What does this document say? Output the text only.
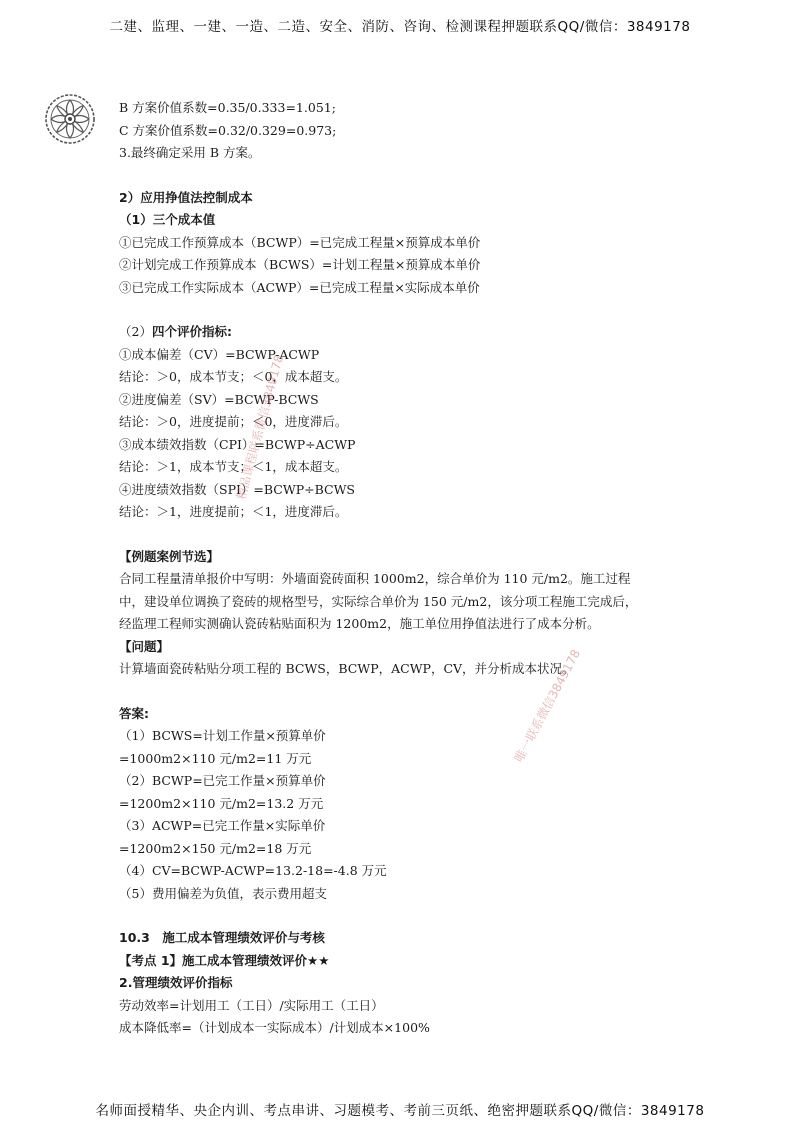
二建、监理、一建、一造、二造、安全、消防、咨询、检测课程押题联系QQ/微信：3849178
B 方案价值系数=0.35/0.333=1.051;
C 方案价值系数=0.32/0.329=0.973;
3.最终确定采用 B 方案。
2）应用挣值法控制成本
（1）三个成本值
①已完成工作预算成本（BCWP）=已完成工程量×预算成本单价
②计划完成工作预算成本（BCWS）=计划工程量×预算成本单价
③已完成工作实际成本（ACWP）=已完成工程量×实际成本单价
（2）四个评价指标:
①成本偏差（CV）=BCWP-ACWP
结论：＞0，成本节支；＜0，成本超支。
②进度偏差（SV）=BCWP-BCWS
结论：＞0，进度提前；＜0，进度滞后。
③成本绩效指数（CPI）=BCWP÷ACWP
结论：＞1，成本节支；＜1，成本超支。
④进度绩效指数（SPI）=BCWP÷BCWS
结论：＞1，进度提前；＜1，进度滞后。
【例题案例节选】
合同工程量清单报价中写明：外墙面瓷砖面积 1000m2，综合单价为 110 元/m2。施工过程
中，建设单位调换了瓷砖的规格型号，实际综合单价为 150 元/m2，该分项工程施工完成后，
经监理工程师实测确认瓷砖粘贴面积为 1200m2，施工单位用挣值法进行了成本分析。
【问题】
计算墙面瓷砖粘贴分项工程的 BCWS，BCWP，ACWP，CV，并分析成本状况。
答案:
（1）BCWS=计划工作量×预算单价
=1000m2×110 元/m2=11 万元
（2）BCWP=已完工作量×预算单价
=1200m2×110 元/m2=13.2 万元
（3）ACWP=已完工作量×实际单价
=1200m2×150 元/m2=18 万元
（4）CV=BCWP-ACWP=13.2-18=-4.8 万元
（5）费用偏差为负值，表示费用超支
10.3　施工成本管理绩效评价与考核
【考点 1】施工成本管理绩效评价★★
2.管理绩效评价指标
劳动效率=计划用工（工日）/实际用工（工日）
成本降低率=（计划成本一实际成本）/计划成本×100%
精品课程联系微信3849178
唯一联系微信3849178
名师面授精华、央企内训、考点串讲、习题模考、考前三页纸、绝密押题联系QQ/微信：3849178
